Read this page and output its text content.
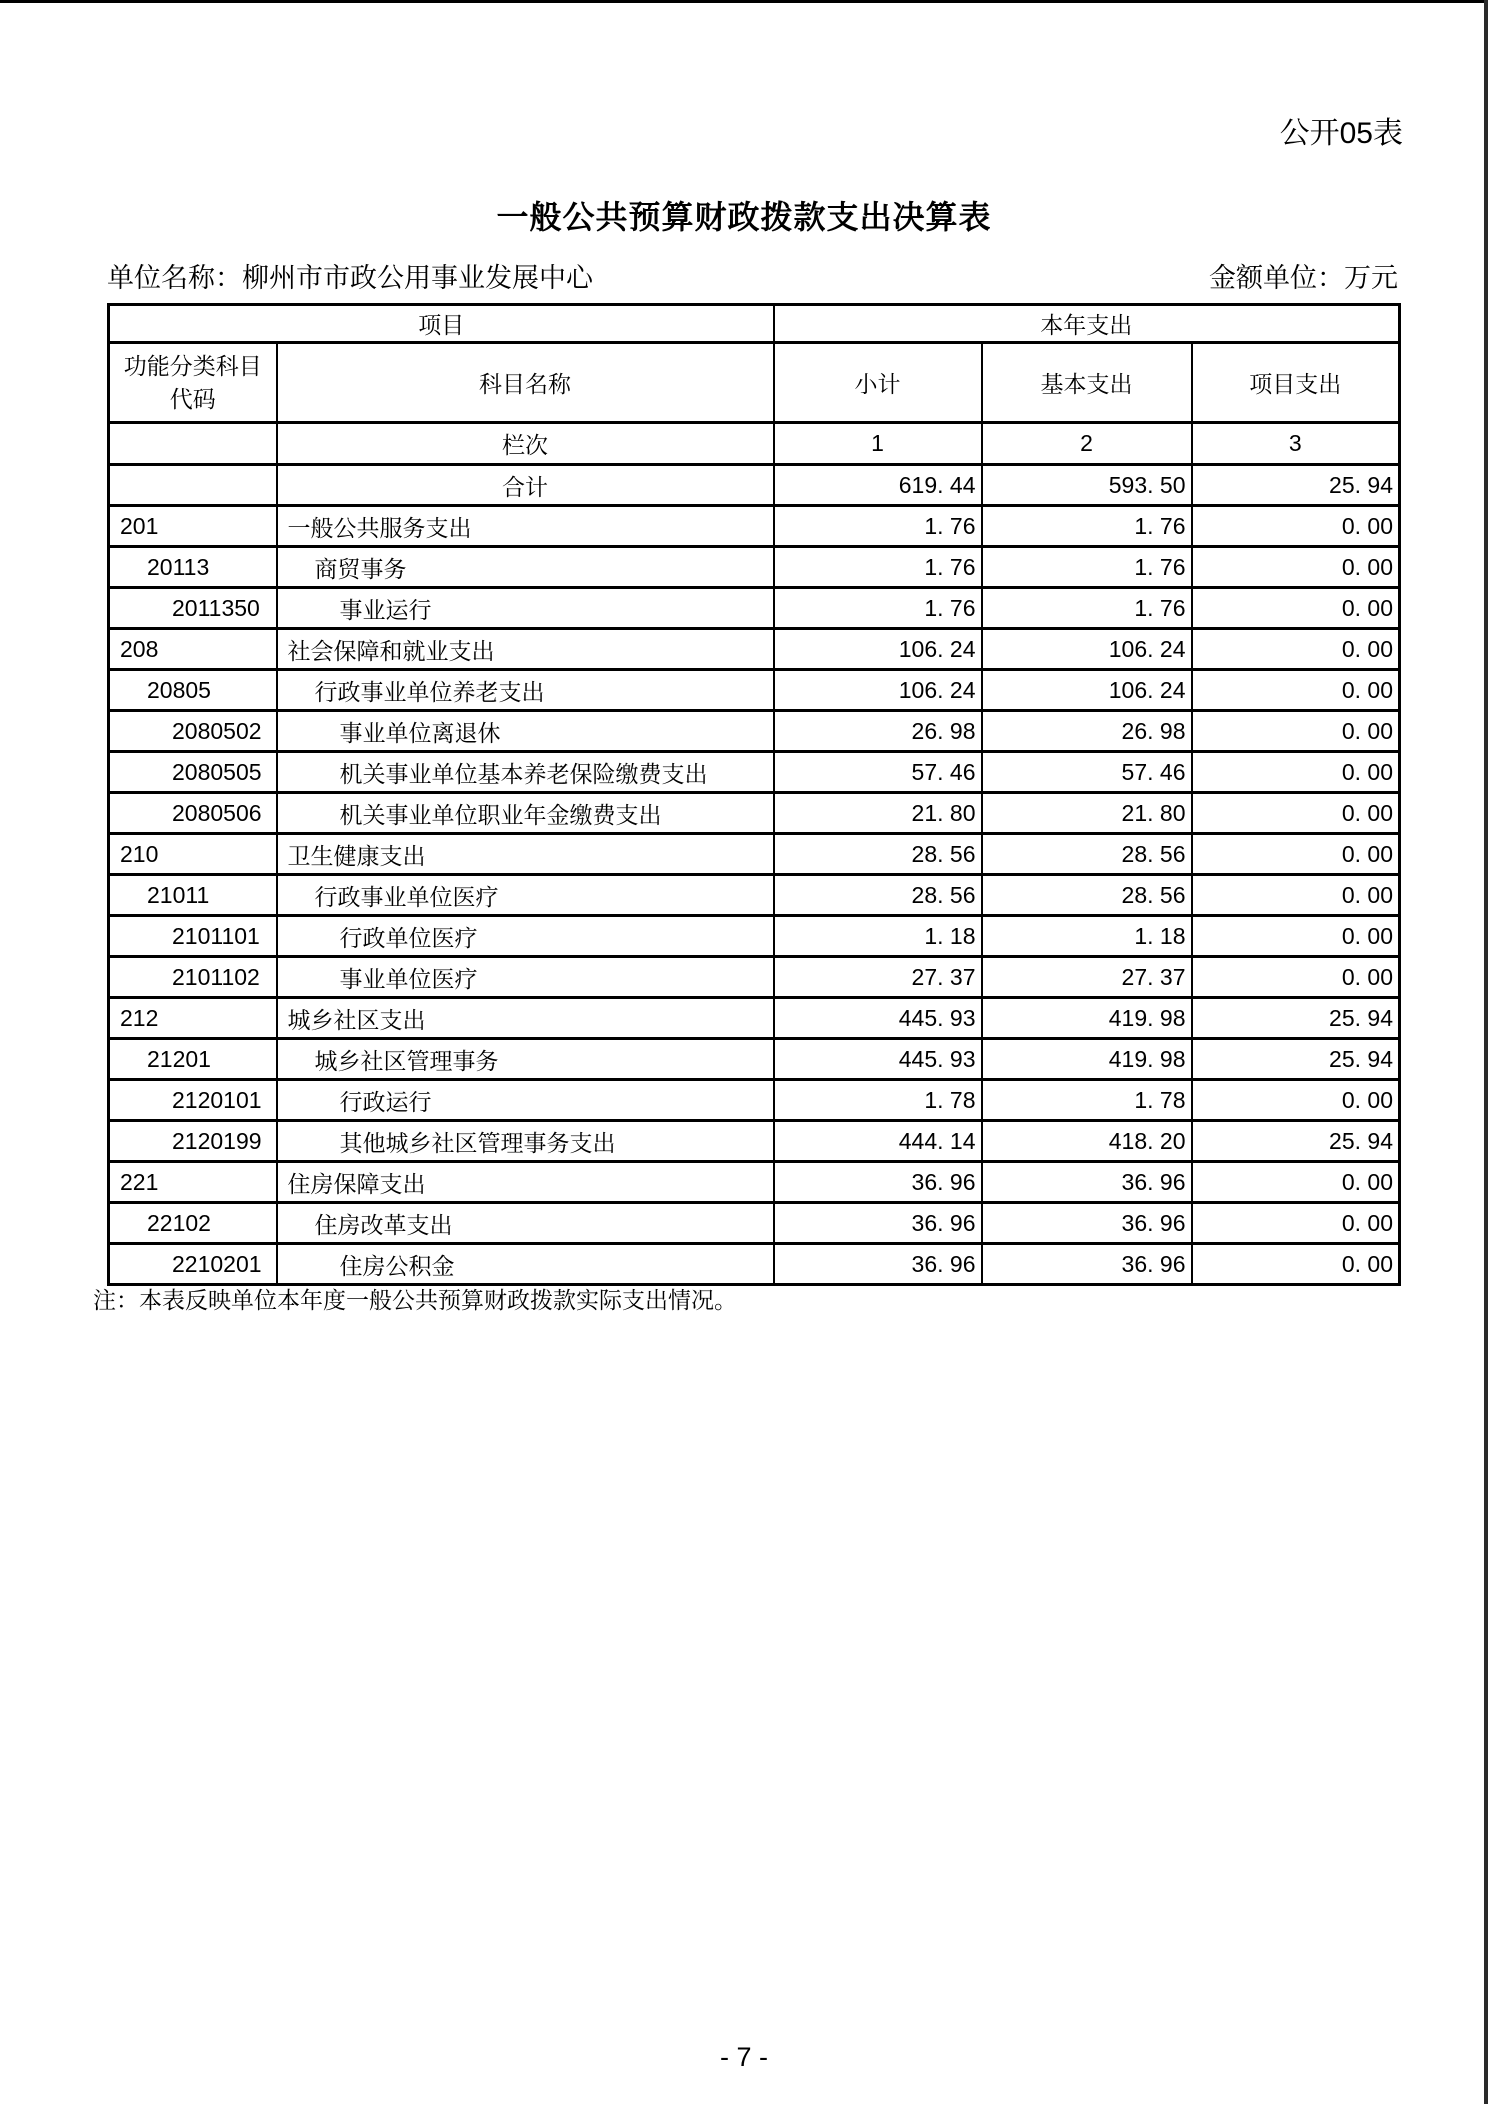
公开05表
一般公共预算财政拨款支出决算表
单位名称：柳州市市政公用事业发展中心	金额单位：万元
项目		本年支出		

功能分类科目
代码	科目名称	小计	基本支出	项目支出
	栏次	1	2	3
	合计	619. 44	593. 50	25. 94
201	一般公共服务支出	1. 76	1. 76	0. 00
20113	商贸事务	1. 76	1. 76	0. 00
2011350	事业运行	1. 76	1. 76	0. 00
208	社会保障和就业支出	106. 24	106. 24	0. 00
20805	行政事业单位养老支出	106. 24	106. 24	0. 00
2080502	事业单位离退休	26. 98	26. 98	0. 00
2080505	机关事业单位基本养老保险缴费支出	57. 46	57. 46	0. 00
2080506	机关事业单位职业年金缴费支出	21. 80	21. 80	0. 00
210	卫生健康支出	28. 56	28. 56	0. 00
21011	行政事业单位医疗	28. 56	28. 56	0. 00
2101101	行政单位医疗	1. 18	1. 18	0. 00
2101102	事业单位医疗	27. 37	27. 37	0. 00
212	城乡社区支出	445. 93	419. 98	25. 94
21201	城乡社区管理事务	445. 93	419. 98	25. 94
2120101	行政运行	1. 78	1. 78	0. 00
2120199	其他城乡社区管理事务支出	444. 14	418. 20	25. 94
221	住房保障支出	36. 96	36. 96	0. 00
22102	住房改革支出	36. 96	36. 96	0. 00
2210201	住房公积金	36. 96	36. 96	0. 00
注：本表反映单位本年度一般公共预算财政拨款实际支出情况。
- 7 -
